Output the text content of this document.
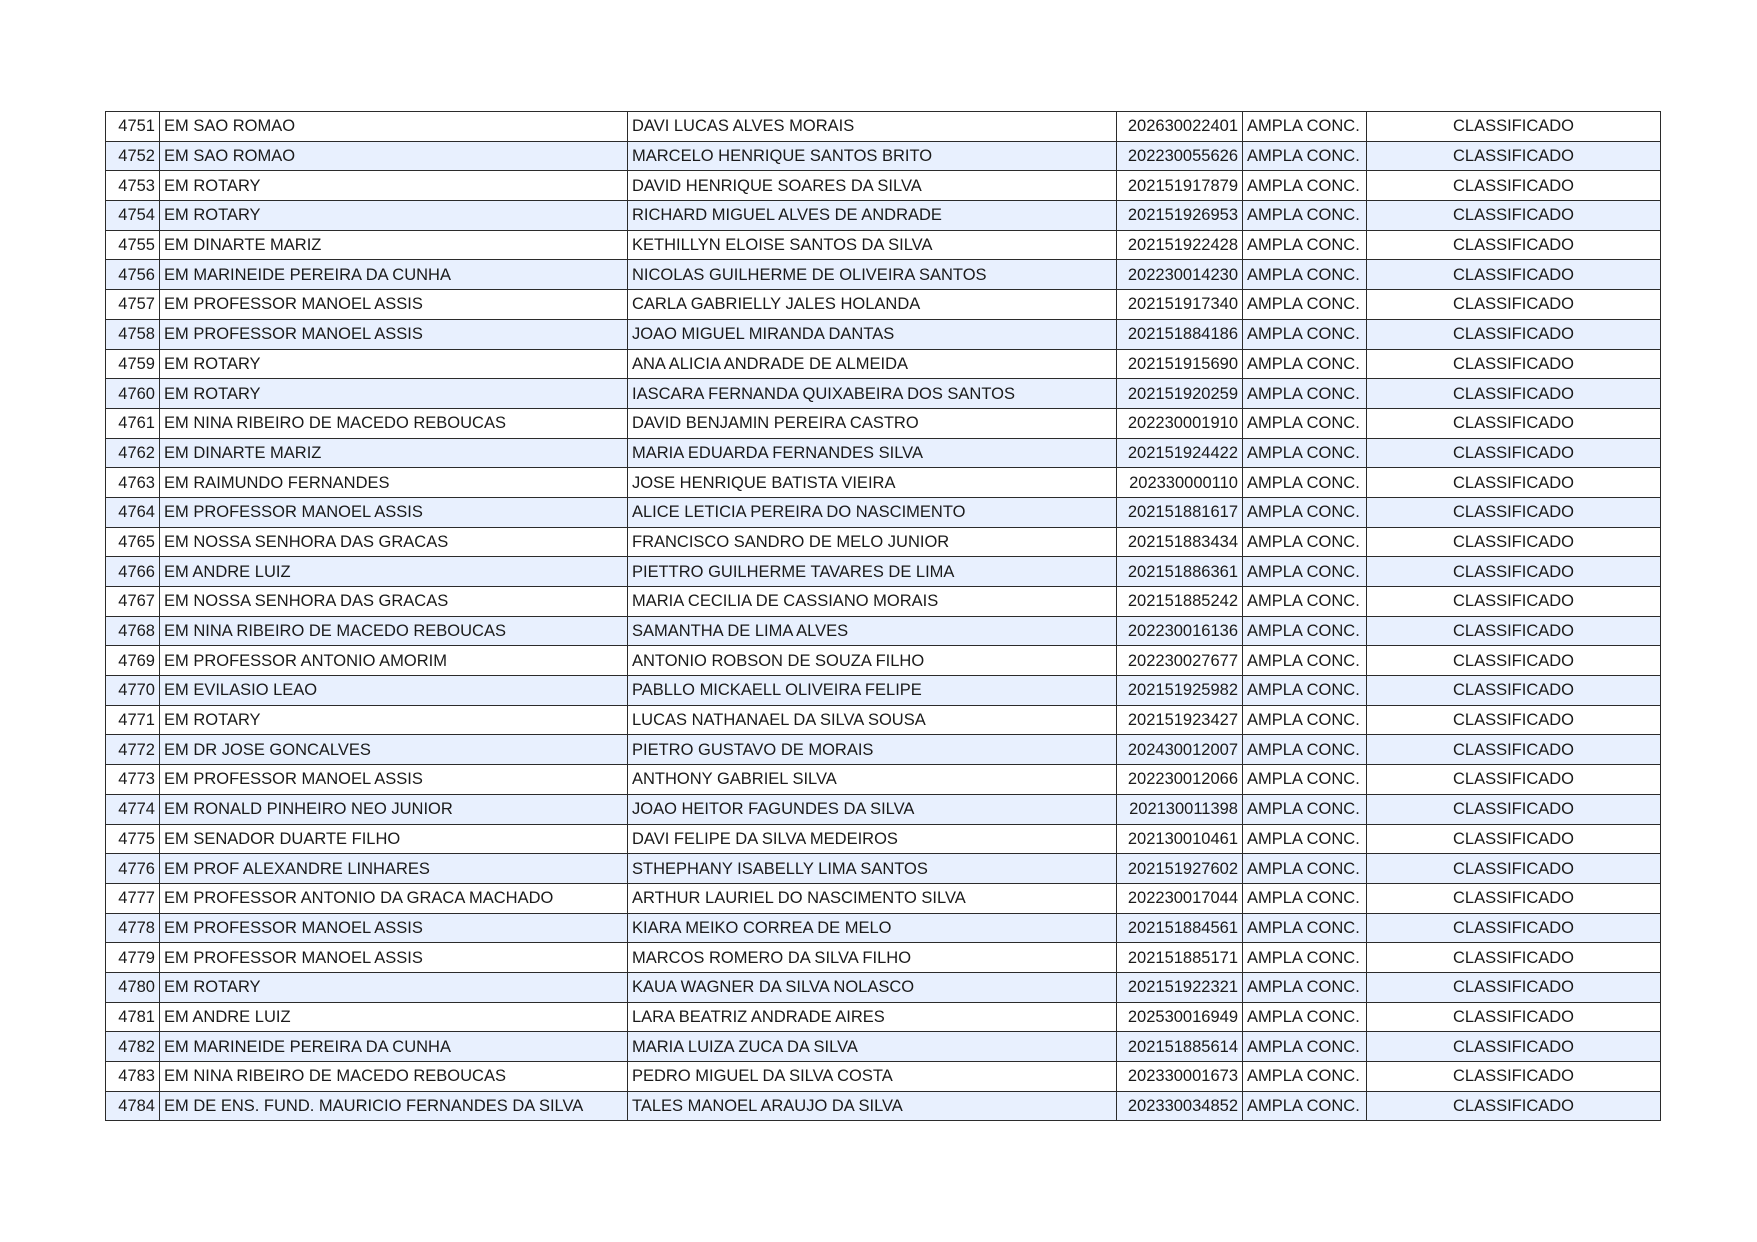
4751	EM SAO ROMAO	DAVI LUCAS ALVES MORAIS	202630022401	AMPLA CONC.	CLASSIFICADO
4752	EM SAO ROMAO	MARCELO HENRIQUE SANTOS BRITO	202230055626	AMPLA CONC.	CLASSIFICADO
4753	EM ROTARY	DAVID HENRIQUE SOARES DA SILVA	202151917879	AMPLA CONC.	CLASSIFICADO
4754	EM ROTARY	RICHARD MIGUEL ALVES DE ANDRADE	202151926953	AMPLA CONC.	CLASSIFICADO
4755	EM DINARTE MARIZ	KETHILLYN ELOISE SANTOS DA SILVA	202151922428	AMPLA CONC.	CLASSIFICADO
4756	EM MARINEIDE PEREIRA DA CUNHA	NICOLAS GUILHERME DE OLIVEIRA SANTOS	202230014230	AMPLA CONC.	CLASSIFICADO
4757	EM PROFESSOR MANOEL ASSIS	CARLA GABRIELLY JALES HOLANDA	202151917340	AMPLA CONC.	CLASSIFICADO
4758	EM PROFESSOR MANOEL ASSIS	JOAO MIGUEL MIRANDA DANTAS	202151884186	AMPLA CONC.	CLASSIFICADO
4759	EM ROTARY	ANA ALICIA ANDRADE DE ALMEIDA	202151915690	AMPLA CONC.	CLASSIFICADO
4760	EM ROTARY	IASCARA FERNANDA QUIXABEIRA DOS SANTOS	202151920259	AMPLA CONC.	CLASSIFICADO
4761	EM NINA RIBEIRO DE MACEDO REBOUCAS	DAVID BENJAMIN PEREIRA CASTRO	202230001910	AMPLA CONC.	CLASSIFICADO
4762	EM DINARTE MARIZ	MARIA EDUARDA FERNANDES SILVA	202151924422	AMPLA CONC.	CLASSIFICADO
4763	EM RAIMUNDO FERNANDES	JOSE HENRIQUE BATISTA VIEIRA	202330000110	AMPLA CONC.	CLASSIFICADO
4764	EM PROFESSOR MANOEL ASSIS	ALICE LETICIA PEREIRA DO NASCIMENTO	202151881617	AMPLA CONC.	CLASSIFICADO
4765	EM NOSSA SENHORA DAS GRACAS	FRANCISCO SANDRO DE MELO JUNIOR	202151883434	AMPLA CONC.	CLASSIFICADO
4766	EM ANDRE LUIZ	PIETTRO GUILHERME TAVARES DE LIMA	202151886361	AMPLA CONC.	CLASSIFICADO
4767	EM NOSSA SENHORA DAS GRACAS	MARIA CECILIA DE CASSIANO MORAIS	202151885242	AMPLA CONC.	CLASSIFICADO
4768	EM NINA RIBEIRO DE MACEDO REBOUCAS	SAMANTHA DE LIMA ALVES	202230016136	AMPLA CONC.	CLASSIFICADO
4769	EM PROFESSOR ANTONIO AMORIM	ANTONIO ROBSON DE SOUZA FILHO	202230027677	AMPLA CONC.	CLASSIFICADO
4770	EM EVILASIO LEAO	PABLLO MICKAELL OLIVEIRA FELIPE	202151925982	AMPLA CONC.	CLASSIFICADO
4771	EM ROTARY	LUCAS NATHANAEL DA SILVA SOUSA	202151923427	AMPLA CONC.	CLASSIFICADO
4772	EM DR JOSE GONCALVES	PIETRO GUSTAVO DE MORAIS	202430012007	AMPLA CONC.	CLASSIFICADO
4773	EM PROFESSOR MANOEL ASSIS	ANTHONY GABRIEL SILVA	202230012066	AMPLA CONC.	CLASSIFICADO
4774	EM RONALD PINHEIRO NEO JUNIOR	JOAO HEITOR FAGUNDES DA SILVA	202130011398	AMPLA CONC.	CLASSIFICADO
4775	EM SENADOR DUARTE FILHO	DAVI FELIPE DA SILVA MEDEIROS	202130010461	AMPLA CONC.	CLASSIFICADO
4776	EM PROF ALEXANDRE LINHARES	STHEPHANY ISABELLY LIMA SANTOS	202151927602	AMPLA CONC.	CLASSIFICADO
4777	EM PROFESSOR ANTONIO DA GRACA MACHADO	ARTHUR LAURIEL DO NASCIMENTO SILVA	202230017044	AMPLA CONC.	CLASSIFICADO
4778	EM PROFESSOR MANOEL ASSIS	KIARA MEIKO CORREA DE MELO	202151884561	AMPLA CONC.	CLASSIFICADO
4779	EM PROFESSOR MANOEL ASSIS	MARCOS ROMERO DA SILVA FILHO	202151885171	AMPLA CONC.	CLASSIFICADO
4780	EM ROTARY	KAUA WAGNER DA SILVA NOLASCO	202151922321	AMPLA CONC.	CLASSIFICADO
4781	EM ANDRE LUIZ	LARA BEATRIZ ANDRADE AIRES	202530016949	AMPLA CONC.	CLASSIFICADO
4782	EM MARINEIDE PEREIRA DA CUNHA	MARIA LUIZA ZUCA DA SILVA	202151885614	AMPLA CONC.	CLASSIFICADO
4783	EM NINA RIBEIRO DE MACEDO REBOUCAS	PEDRO MIGUEL DA SILVA COSTA	202330001673	AMPLA CONC.	CLASSIFICADO
4784	EM DE ENS. FUND. MAURICIO FERNANDES DA SILVA	TALES MANOEL ARAUJO DA SILVA	202330034852	AMPLA CONC.	CLASSIFICADO
